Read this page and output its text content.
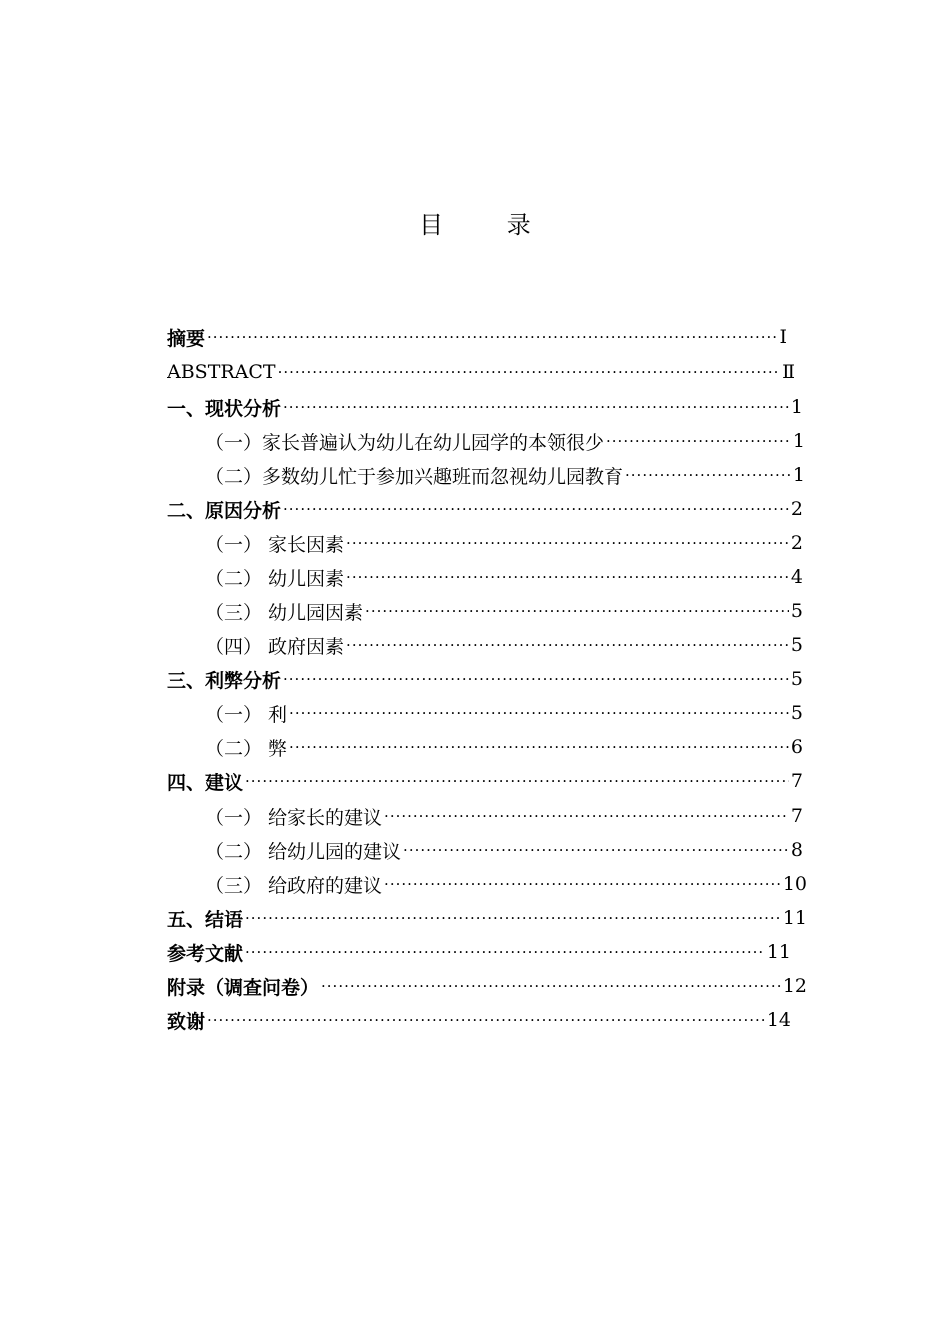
目 录
摘要 ·····	Ⅰ
ABSTRACT ·····	Ⅱ
一、现状分析 ·····	1
（一）家长普遍认为幼儿在幼儿园学的本领很少 ·····	1
（二）多数幼儿忙于参加兴趣班而忽视幼儿园教育 ·····	1
二、原因分析 ·····	2
（一） 家长因素 ·····	2
（二） 幼儿因素 ·····	4
（三） 幼儿园因素 ·····	5
（四） 政府因素 ·····	5
三、利弊分析 ·····	5
（一） 利 ·····	5
（二） 弊 ·····	6
四、建议 ·····	7
（一） 给家长的建议 ·····	7
（二） 给幼儿园的建议 ·····	8
（三） 给政府的建议 ·····	10
五、结语 ·····	11
参考文献 ·····	11
附录（调查问卷） ·····	12
致谢 ·····	14
